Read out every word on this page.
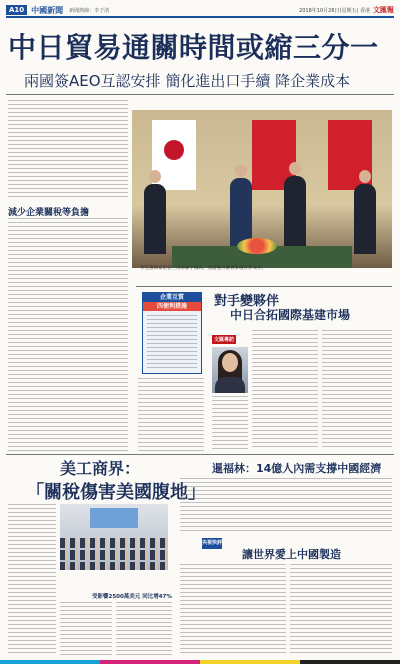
A10 中國新聞 新聞熱線：李子清	2018年10月26日(星期五) 香港 文匯報
中日貿易通關時間或縮三分一
兩國簽AEO互認安排 簡化進出口手續 降企業成本
減少企業關稅等負擔
李克強與安倍晉三出席簽字儀式，見證雙方簽署多項合作文件。
企業互質
四便利措施	對手變夥伴
中日合拓國際基建市場
文匯專訪
美工商界：
「關稅傷害美國腹地」
受影響2500萬美元 同比增47%
暹福林：14億人內需支撐中國經濟
央視快評
讓世界愛上中國製造
